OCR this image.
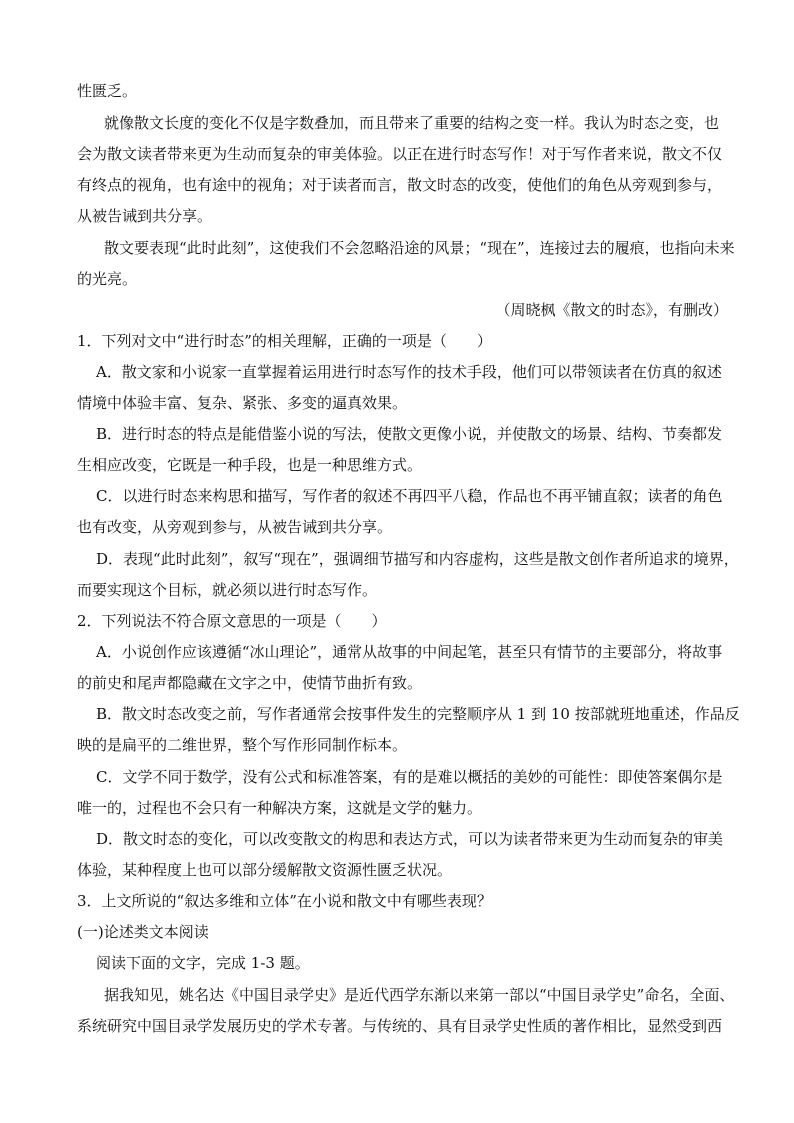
性匮乏。
就像散文长度的变化不仅是字数叠加，而且带来了重要的结构之变一样。我认为时态之变，也
会为散文读者带来更为生动而复杂的审美体验。以正在进行时态写作！对于写作者来说，散文不仅
有终点的视角，也有途中的视角；对于读者而言，散文时态的改变，使他们的角色从旁观到参与，
从被告诫到共分享。
散文要表现“此时此刻”，这使我们不会忽略沿途的风景；“现在”，连接过去的履痕，也指向未来
的光亮。
（周晓枫《散文的时态》，有删改）
1．下列对文中“进行时态”的相关理解，正确的一项是（　　）
A．散文家和小说家一直掌握着运用进行时态写作的技术手段，他们可以带领读者在仿真的叙述
情境中体验丰富、复杂、紧张、多变的逼真效果。
B．进行时态的特点是能借鉴小说的写法，使散文更像小说，并使散文的场景、结构、节奏都发
生相应改变，它既是一种手段，也是一种思维方式。
C．以进行时态来构思和描写，写作者的叙述不再四平八稳，作品也不再平铺直叙；读者的角色
也有改变，从旁观到参与，从被告诫到共分享。
D．表现“此时此刻”，叙写“现在”，强调细节描写和内容虚构，这些是散文创作者所追求的境界，
而要实现这个目标，就必须以进行时态写作。
2．下列说法不符合原文意思的一项是（　　）
A．小说创作应该遵循“冰山理论”，通常从故事的中间起笔，甚至只有情节的主要部分，将故事
的前史和尾声都隐藏在文字之中，使情节曲折有致。
B．散文时态改变之前，写作者通常会按事件发生的完整顺序从 1 到 10 按部就班地重述，作品反
映的是扁平的二维世界，整个写作形同制作标本。
C．文学不同于数学，没有公式和标准答案，有的是难以概括的美妙的可能性：即使答案偶尔是
唯一的，过程也不会只有一种解决方案，这就是文学的魅力。
D．散文时态的变化，可以改变散文的构思和表达方式，可以为读者带来更为生动而复杂的审美
体验，某种程度上也可以部分缓解散文资源性匮乏状况。
3．上文所说的“叙达多维和立体”在小说和散文中有哪些表现？
(一)论述类文本阅读
阅读下面的文字，完成 1-3 题。
据我知见，姚名达《中国目录学史》是近代西学东渐以来第一部以“中国目录学史”命名，全面、
系统研究中国目录学发展历史的学术专著。与传统的、具有目录学史性质的著作相比，显然受到西
